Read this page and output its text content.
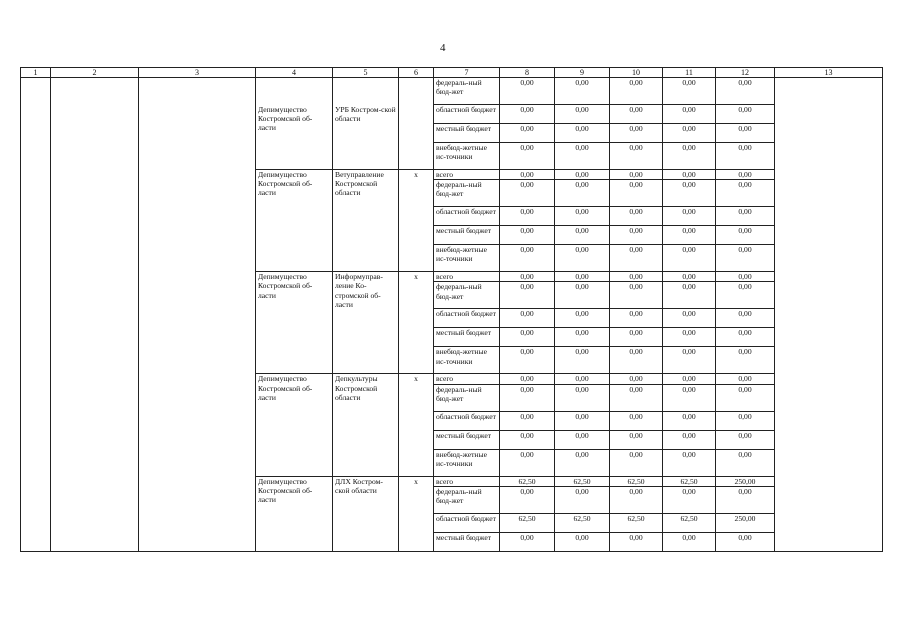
4
1	2	3	4	5	6	7	8	9	10	11	12	13
			Депимущество Костромской об-ласти	УРБ Костром-ской области		федераль-ный бюд-жет	0,00	0,00	0,00	0,00	0,00	
						областной бюджет	0,00	0,00	0,00	0,00	0,00	
						местный бюджет	0,00	0,00	0,00	0,00	0,00	
						внебюд-жетные ис-точники	0,00	0,00	0,00	0,00	0,00	
			Депимущество Костромской об-ласти	Ветуправление Костромской области	x	всего	0,00	0,00	0,00	0,00	0,00	
						федераль-ный бюд-жет	0,00	0,00	0,00	0,00	0,00	
						областной бюджет	0,00	0,00	0,00	0,00	0,00	
						местный бюджет	0,00	0,00	0,00	0,00	0,00	
						внебюд-жетные ис-точники	0,00	0,00	0,00	0,00	0,00	
			Депимущество Костромской об-ласти	Информуправ-ление Ко-стромской об-ласти	x	всего	0,00	0,00	0,00	0,00	0,00	
						федераль-ный бюд-жет	0,00	0,00	0,00	0,00	0,00	
						областной бюджет	0,00	0,00	0,00	0,00	0,00	
						местный бюджет	0,00	0,00	0,00	0,00	0,00	
						внебюд-жетные ис-точники	0,00	0,00	0,00	0,00	0,00	
			Депимущество Костромской об-ласти	Депкультуры Костромской области	x	всего	0,00	0,00	0,00	0,00	0,00	
						федераль-ный бюд-жет	0,00	0,00	0,00	0,00	0,00	
						областной бюджет	0,00	0,00	0,00	0,00	0,00	
						местный бюджет	0,00	0,00	0,00	0,00	0,00	
						внебюд-жетные ис-точники	0,00	0,00	0,00	0,00	0,00	
			Депимущество Костромской об-ласти	ДЛХ Костром-ской области	x	всего	62,50	62,50	62,50	62,50	250,00	
						федераль-ный бюд-жет	0,00	0,00	0,00	0,00	0,00	
						областной бюджет	62,50	62,50	62,50	62,50	250,00	
						местный бюджет	0,00	0,00	0,00	0,00	0,00	
